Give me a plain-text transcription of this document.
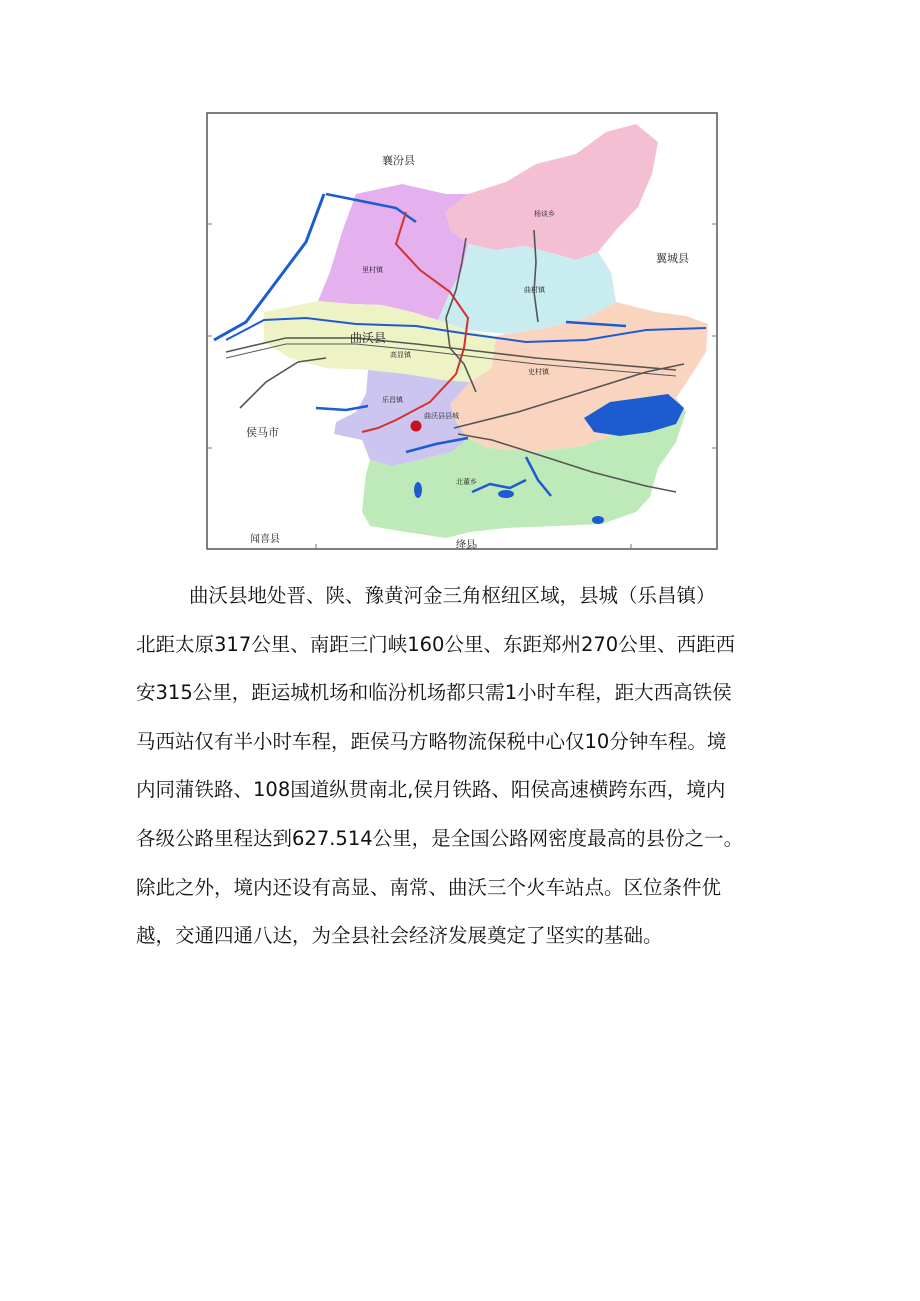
襄汾县
翼城县
侯马市
闻喜县
绛县
曲沃县
杨谈乡
里村镇
曲村镇
高显镇
史村镇
乐昌镇
曲沃县县城
北董乡
曲沃县地处晋、陕、豫黄河金三角枢纽区域，县城（乐昌镇）
北距太原317公里、南距三门峡160公里、东距郑州270公里、西距西
安315公里，距运城机场和临汾机场都只需1小时车程，距大西高铁侯
马西站仅有半小时车程，距侯马方略物流保税中心仅10分钟车程。境
内同蒲铁路、108国道纵贯南北,侯月铁路、阳侯高速横跨东西，境内
各级公路里程达到627.514公里，是全国公路网密度最高的县份之一。
除此之外，境内还设有高显、南常、曲沃三个火车站点。区位条件优
越，交通四通八达，为全县社会经济发展奠定了坚实的基础。
